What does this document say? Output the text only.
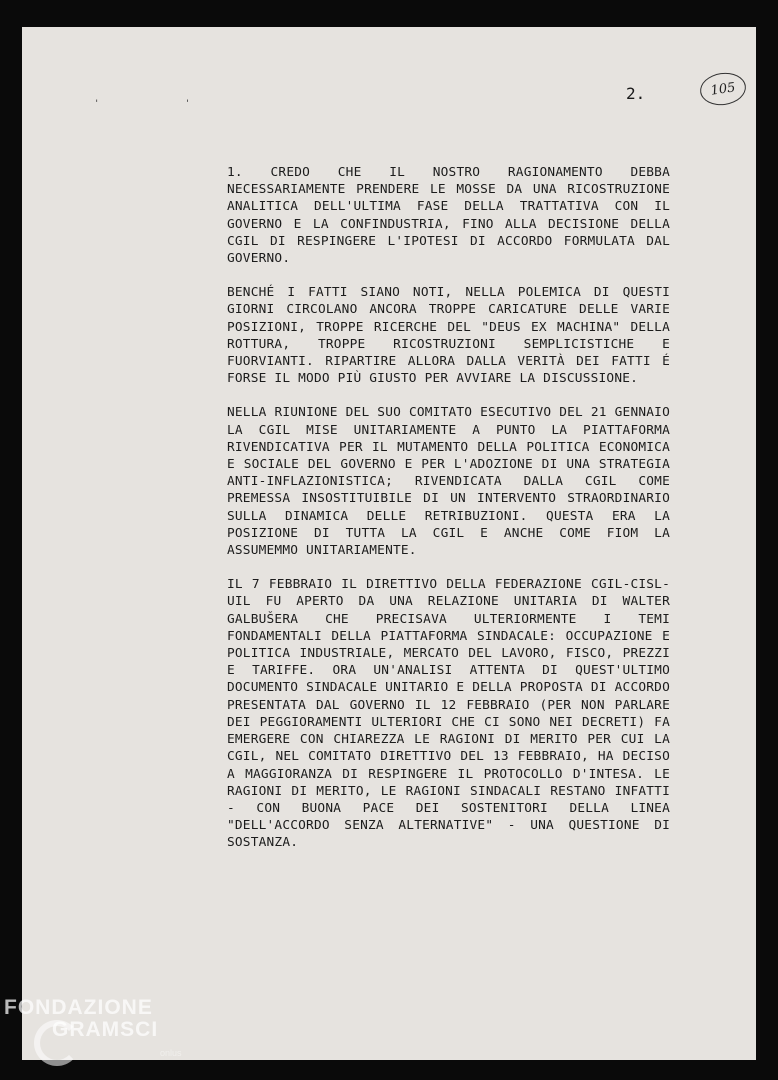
' '
105
2.

1. CREDO CHE IL NOSTRO RAGIONAMENTO DEBBA NECESSARIAMENTE PRENDERE LE MOSSE DA UNA RICOSTRUZIONE ANALITICA DELL'ULTIMA FASE DELLA TRATTATIVA CON IL GOVERNO E LA CONFINDUSTRIA, FINO ALLA DECISIONE DELLA CGIL DI RESPINGERE L'IPOTESI DI ACCORDO FORMULATA DAL GOVERNO.

BENCHÉ I FATTI SIANO NOTI, NELLA POLEMICA DI QUESTI GIORNI CIRCOLANO ANCORA TROPPE CARICATURE DELLE VARIE POSIZIONI, TROPPE RICERCHE DEL "DEUS EX MACHINA" DELLA ROTTURA, TROPPE RICOSTRUZIONI SEMPLICISTICHE E FUORVIANTI. RIPARTIRE ALLORA DALLA VERITÀ DEI FATTI É FORSE IL MODO PIÙ GIUSTO PER AVVIARE LA DISCUSSIONE.

NELLA RIUNIONE DEL SUO COMITATO ESECUTIVO DEL 21 GENNAIO LA CGIL MISE UNITARIAMENTE A PUNTO LA PIATTAFORMA RIVENDICATIVA PER IL MUTAMENTO DELLA POLITICA ECONOMICA E SOCIALE DEL GOVERNO E PER L'ADOZIONE DI UNA STRATEGIA ANTI-INFLAZIONISTICA; RIVENDICATA DALLA CGIL COME PREMESSA INSOSTITUIBILE DI UN INTERVENTO STRAORDINARIO SULLA DINAMICA DELLE RETRIBUZIONI. QUESTA ERA LA POSIZIONE DI TUTTA LA CGIL E ANCHE COME FIOM LA ASSUMEMMO UNITARIAMENTE.

IL 7 FEBBRAIO IL DIRETTIVO DELLA FEDERAZIONE CGIL-CISL-UIL FU APERTO DA UNA RELAZIONE UNITARIA DI WALTER GALBUŠERA CHE PRECISAVA ULTERIORMENTE I TEMI FONDAMENTALI DELLA PIATTAFORMA SINDACALE: OCCUPAZIONE E POLITICA INDUSTRIALE, MERCATO DEL LAVORO, FISCO, PREZZI E TARIFFE. ORA UN'ANALISI ATTENTA DI QUEST'ULTIMO DOCUMENTO SINDACALE UNITARIO E DELLA PROPOSTA DI ACCORDO PRESENTATA DAL GOVERNO IL 12 FEBBRAIO (PER NON PARLARE DEI PEGGIORAMENTI ULTERIORI CHE CI SONO NEI DECRETI) FA EMERGERE CON CHIAREZZA LE RAGIONI DI MERITO PER CUI LA CGIL, NEL COMITATO DIRETTIVO DEL 13 FEBBRAIO, HA DECISO A MAGGIORANZA DI RESPINGERE IL PROTOCOLLO D'INTESA. LE RAGIONI DI MERITO, LE RAGIONI SINDACALI RESTANO INFATTI - CON BUONA PACE DEI SOSTENITORI DELLA LINEA "DELL'ACCORDO SENZA ALTERNATIVE" - UNA QUESTIONE DI SOSTANZA.

FONDAZIONE
GRAMSCI
onlus
